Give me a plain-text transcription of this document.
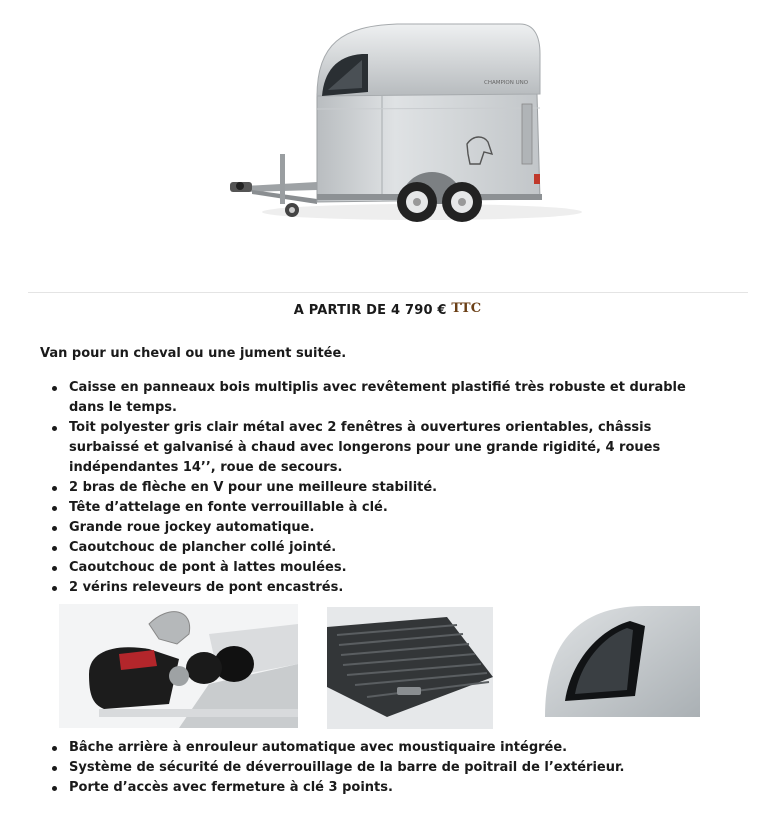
CHAMPION UNO
A PARTIR DE 4 790 € TTC
Van pour un cheval ou une jument suitée.
Caisse en panneaux bois multiplis avec revêtement plastifié très robuste et durable dans le temps.
Toit polyester gris clair métal avec 2 fenêtres à ouvertures orientables, châssis surbaissé et galvanisé à chaud avec longerons pour une grande rigidité, 4 roues indépendantes 14’’, roue de secours.
2 bras de flèche en V pour une meilleure stabilité.
Tête d’attelage en fonte verrouillable à clé.
Grande roue jockey automatique.
Caoutchouc de plancher collé jointé.
Caoutchouc de pont à lattes moulées.
2 vérins releveurs de pont encastrés.
Bâche arrière à enrouleur automatique avec moustiquaire intégrée.
Système de sécurité de déverrouillage de la barre de poitrail de l’extérieur.
Porte d’accès avec fermeture à clé 3 points.
